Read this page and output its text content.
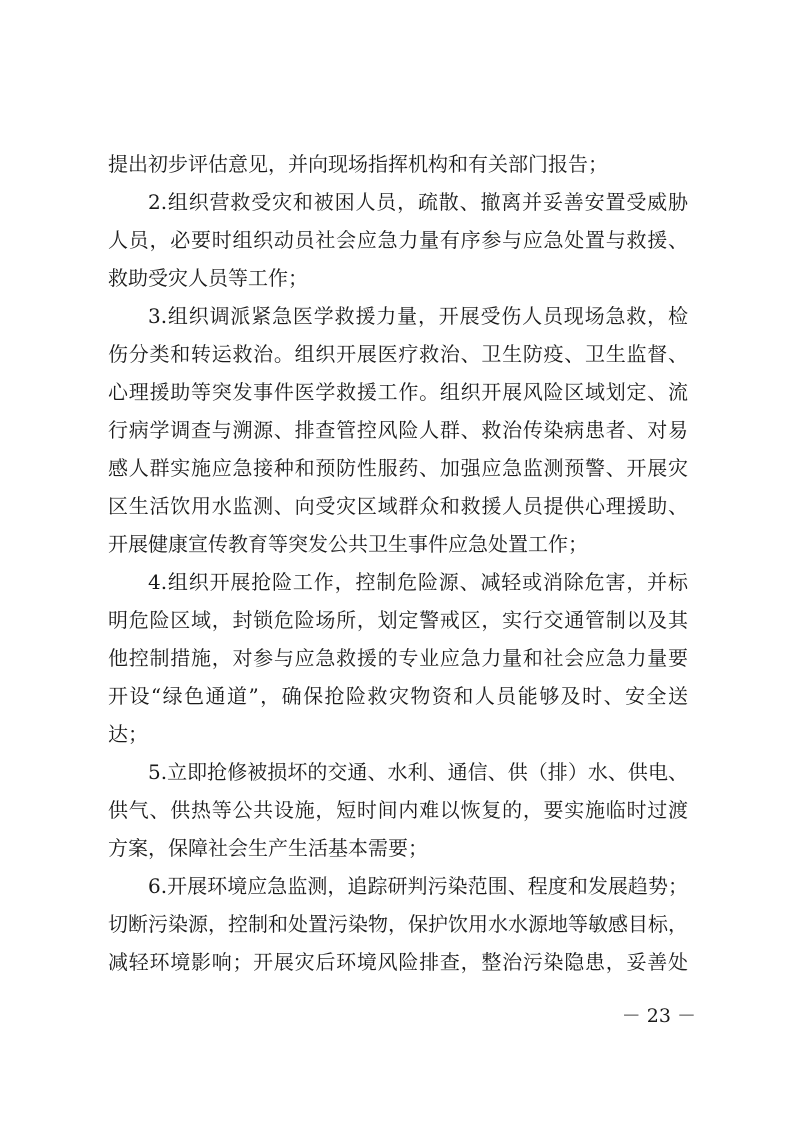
提出初步评估意见，并向现场指挥机构和有关部门报告；

2.组织营救受灾和被困人员，疏散、撤离并妥善安置受威胁

人员，必要时组织动员社会应急力量有序参与应急处置与救援、

救助受灾人员等工作；

3.组织调派紧急医学救援力量，开展受伤人员现场急救，检

伤分类和转运救治。组织开展医疗救治、卫生防疫、卫生监督、

心理援助等突发事件医学救援工作。组织开展风险区域划定、流

行病学调查与溯源、排查管控风险人群、救治传染病患者、对易

感人群实施应急接种和预防性服药、加强应急监测预警、开展灾

区生活饮用水监测、向受灾区域群众和救援人员提供心理援助、

开展健康宣传教育等突发公共卫生事件应急处置工作；

4.组织开展抢险工作，控制危险源、减轻或消除危害，并标

明危险区域，封锁危险场所，划定警戒区，实行交通管制以及其

他控制措施，对参与应急救援的专业应急力量和社会应急力量要

开设“绿色通道”，确保抢险救灾物资和人员能够及时、安全送

达；

5.立即抢修被损坏的交通、水利、通信、供（排）水、供电、

供气、供热等公共设施，短时间内难以恢复的，要实施临时过渡

方案，保障社会生产生活基本需要；

6.开展环境应急监测，追踪研判污染范围、程度和发展趋势；

切断污染源，控制和处置污染物，保护饮用水水源地等敏感目标，

减轻环境影响；开展灾后环境风险排查，整治污染隐患，妥善处

－ 23 －
